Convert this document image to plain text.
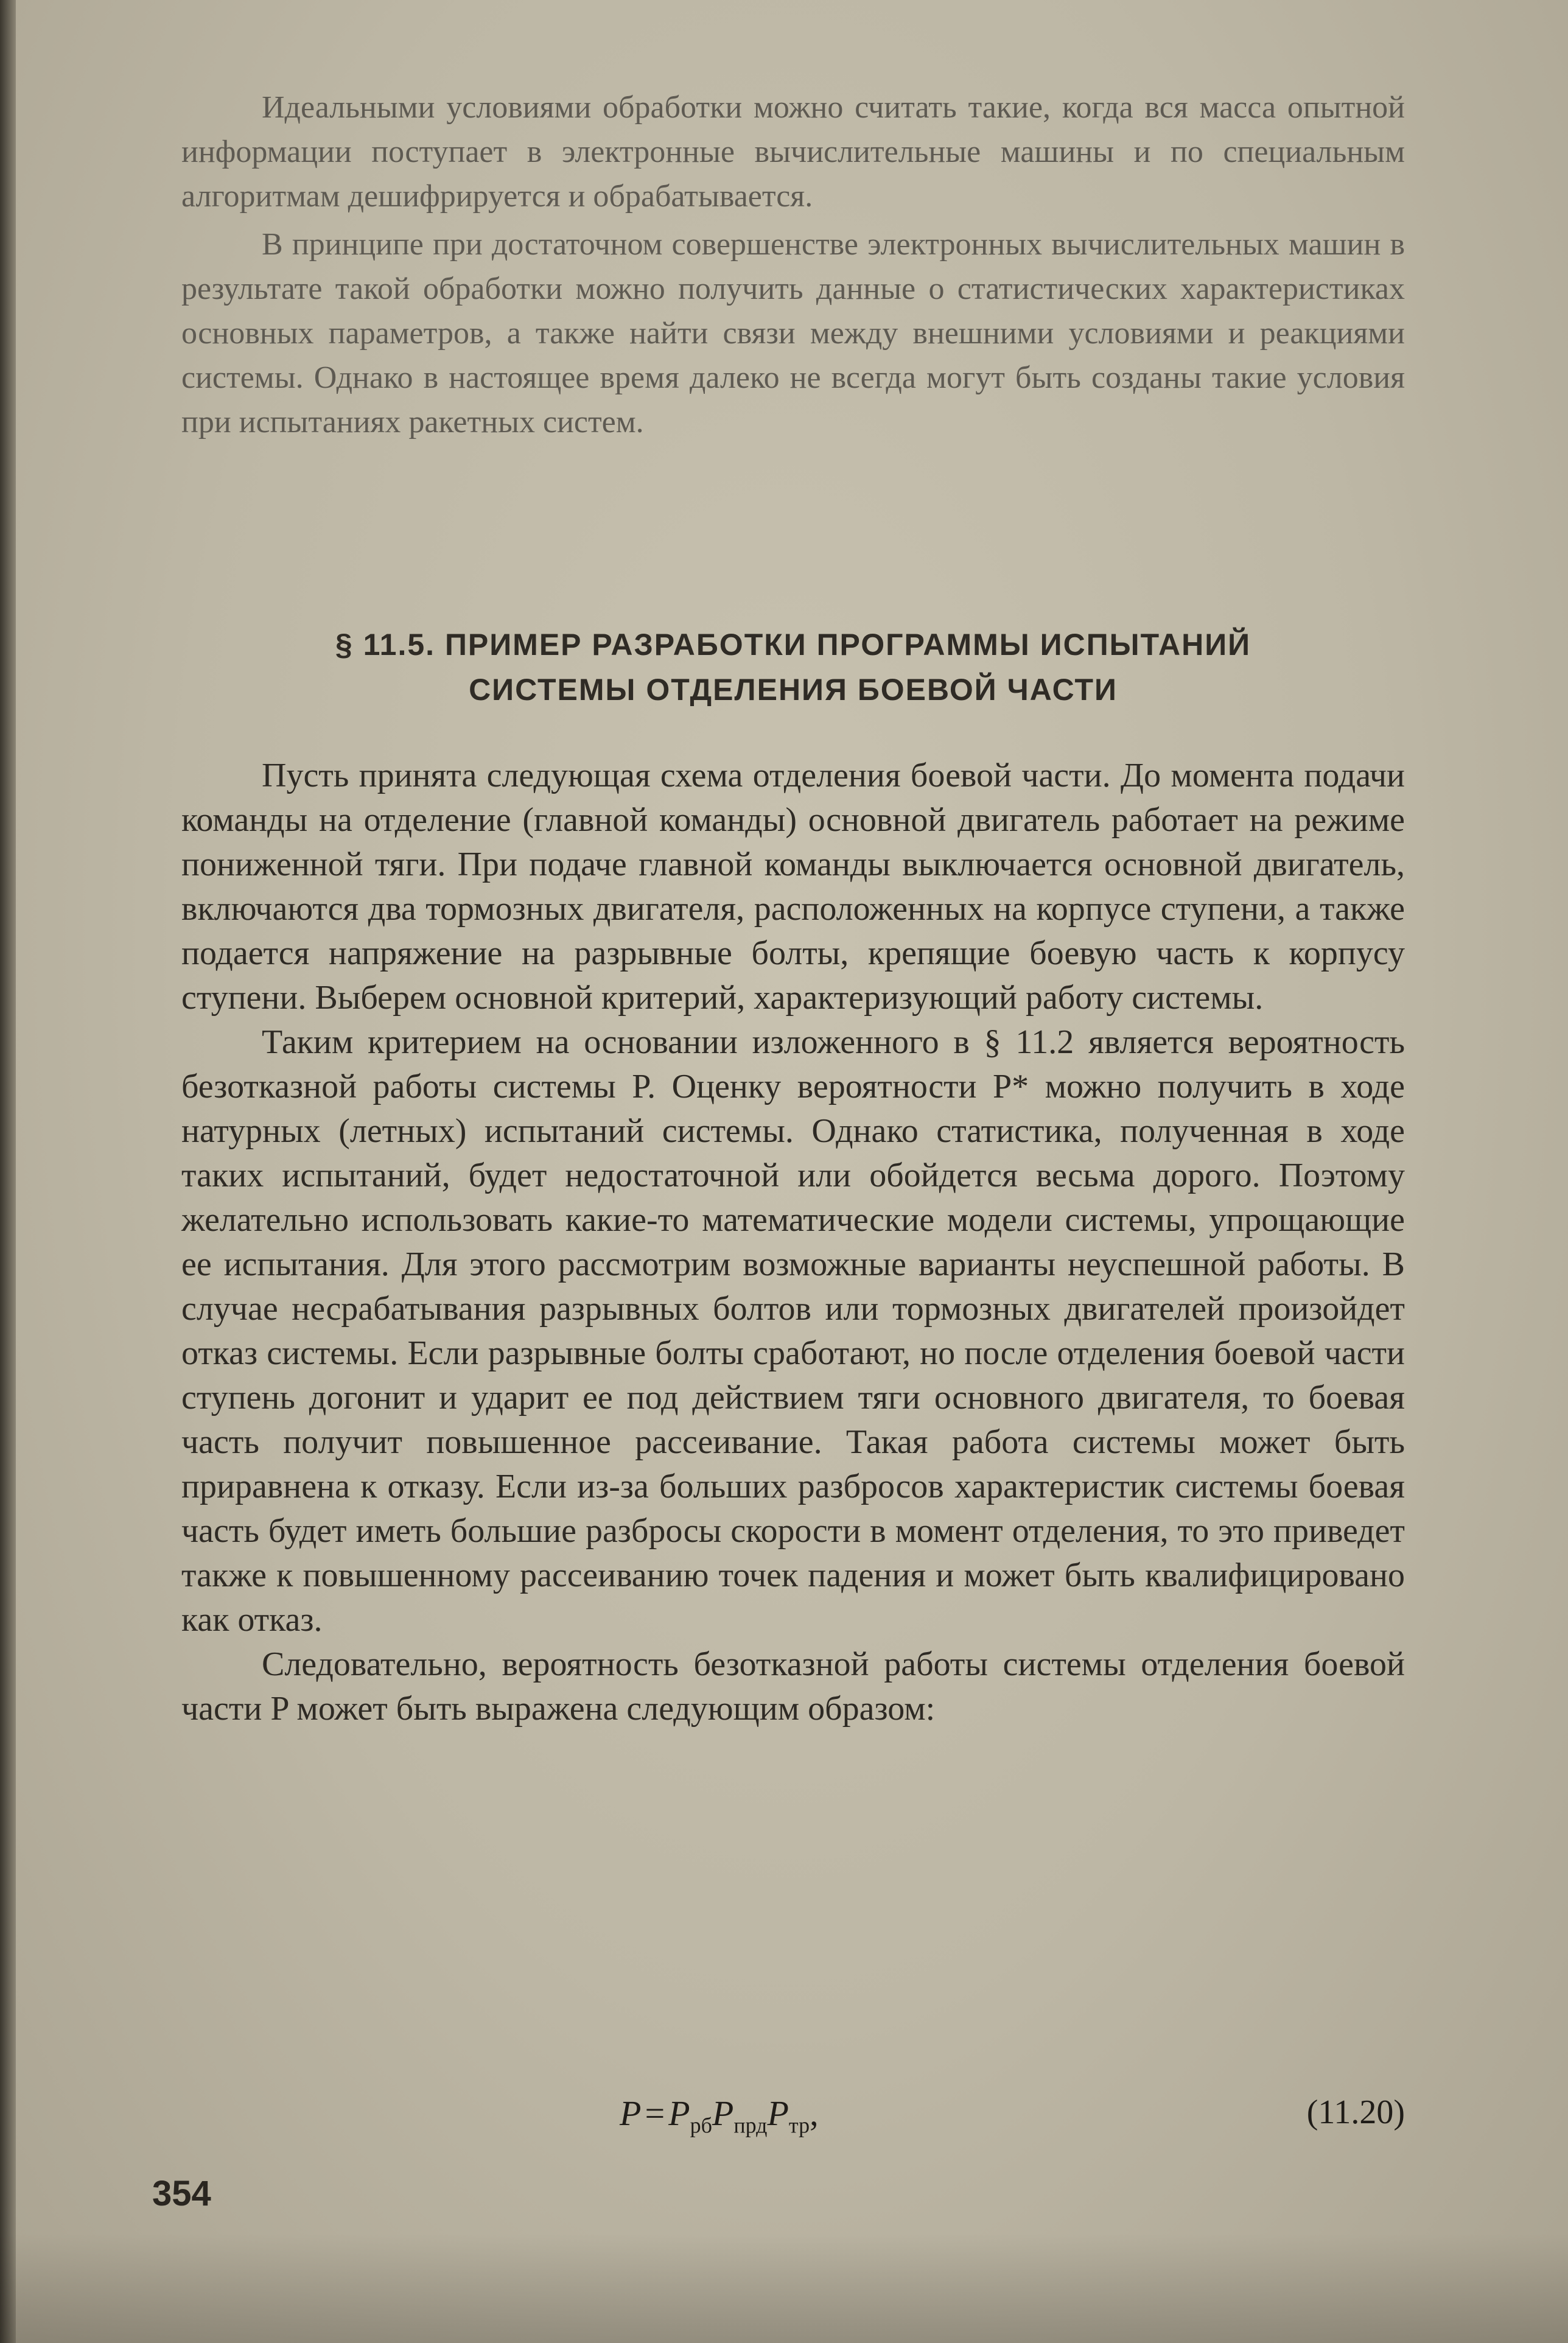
Идеальными условиями обработки можно считать такие, когда вся масса опытной информации поступает в электронные вычислительные машины и по специальным алгоритмам дешифрируется и обрабатывается.

В принципе при достаточном совершенстве электронных вычислительных машин в результате такой обработки можно получить данные о статистических характеристиках основных параметров, а также найти связи между внешними условиями и реакциями системы. Однако в настоящее время далеко не всегда могут быть созданы такие условия при испытаниях ракетных систем.

§ 11.5. ПРИМЕР РАЗРАБОТКИ ПРОГРАММЫ ИСПЫТАНИЙ
СИСТЕМЫ ОТДЕЛЕНИЯ БОЕВОЙ ЧАСТИ

Пусть принята следующая схема отделения боевой части. До момента подачи команды на отделение (главной команды) основной двигатель работает на режиме пониженной тяги. При подаче главной команды выключается основной двигатель, включаются два тормозных двигателя, расположенных на корпусе ступени, а также подается напряжение на разрывные болты, крепящие боевую часть к корпусу ступени. Выберем основной критерий, характеризующий работу системы.

Таким критерием на основании изложенного в § 11.2 является вероятность безотказной работы системы P. Оценку вероятности P* можно получить в ходе натурных (летных) испытаний системы. Однако статистика, полученная в ходе таких испытаний, будет недостаточной или обойдется весьма дорого. Поэтому желательно использовать какие-то математические модели системы, упрощающие ее испытания. Для этого рассмотрим возможные варианты неуспешной работы. В случае несрабатывания разрывных болтов или тормозных двигателей произойдет отказ системы. Если разрывные болты сработают, но после отделения боевой части ступень догонит и ударит ее под действием тяги основного двигателя, то боевая часть получит повышенное рассеивание. Такая работа системы может быть приравнена к отказу. Если из-за больших разбросов характеристик системы боевая часть будет иметь большие разбросы скорости в момент отделения, то это приведет также к повышенному рассеиванию точек падения и может быть квалифицировано как отказ.

Следовательно, вероятность безотказной работы системы отделения боевой части P может быть выражена следующим образом:

$P = P_{рб}P_{прд}P_{тр}$,	(11.20)
354
